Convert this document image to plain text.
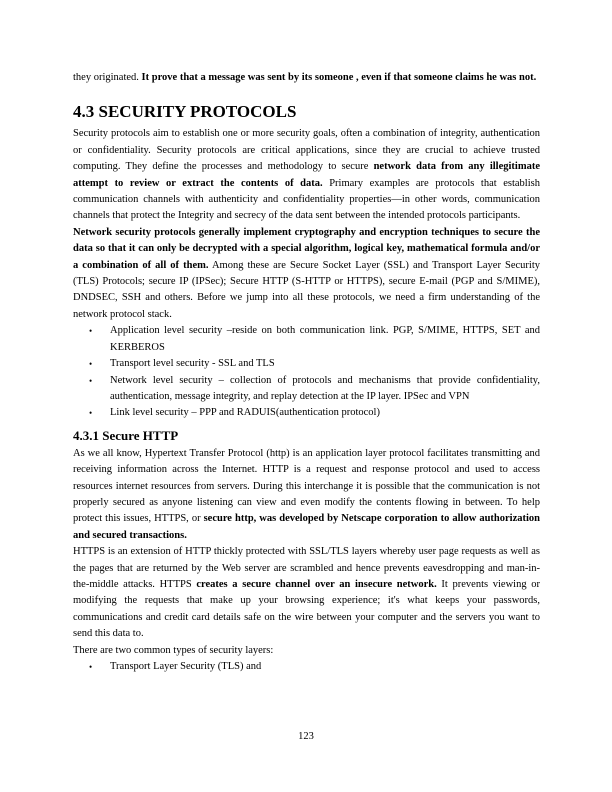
they originated. It prove that a message was sent by its someone , even if that someone claims he was not.

4.3 SECURITY PROTOCOLS

Security protocols aim to establish one or more security goals, often a combination of integrity, authentication or confidentiality. Security protocols are critical applications, since they are crucial to achieve trusted computing. They define the processes and methodology to secure network data from any illegitimate attempt to review or extract the contents of data. Primary examples are protocols that establish communication channels with authenticity and confidentiality properties—in other words, communication channels that protect the Integrity and secrecy of the data sent between the intended protocols participants.

Network security protocols generally implement cryptography and encryption techniques to secure the data so that it can only be decrypted with a special algorithm, logical key, mathematical formula and/or a combination of all of them. Among these are Secure Socket Layer (SSL) and Transport Layer Security (TLS) Protocols; secure IP (IPSec); Secure HTTP (S-HTTP or HTTPS), secure E-mail (PGP and S/MIME), DNDSEC, SSH and others. Before we jump into all these protocols, we need a firm understanding of the network protocol stack.

• Application level security –reside on both communication link. PGP, S/MIME, HTTPS, SET and KERBEROS
• Transport level security - SSL and TLS
• Network level security – collection of protocols and mechanisms that provide confidentiality, authentication, message integrity, and replay detection at the IP layer. IPSec and VPN
• Link level security – PPP and RADUIS(authentication protocol)
4.3.1 Secure HTTP

As we all know, Hypertext Transfer Protocol (http) is an application layer protocol facilitates transmitting and receiving information across the Internet. HTTP is a request and response protocol and used to access resources internet resources from servers. During this interchange it is possible that the communication is not properly secured as anyone listening can view and even modify the contents flowing in between. To help protect this issues, HTTPS, or secure http, was developed by Netscape corporation to allow authorization and secured transactions.

HTTPS is an extension of HTTP thickly protected with SSL/TLS layers whereby user page requests as well as the pages that are returned by the Web server are scrambled and hence prevents eavesdropping and man-in-the-middle attacks. HTTPS creates a secure channel over an insecure network. It prevents viewing or modifying the requests that make up your browsing experience; it's what keeps your passwords, communications and credit card details safe on the wire between your computer and the servers you want to send this data to.

There are two common types of security layers:

• Transport Layer Security (TLS) and
123
